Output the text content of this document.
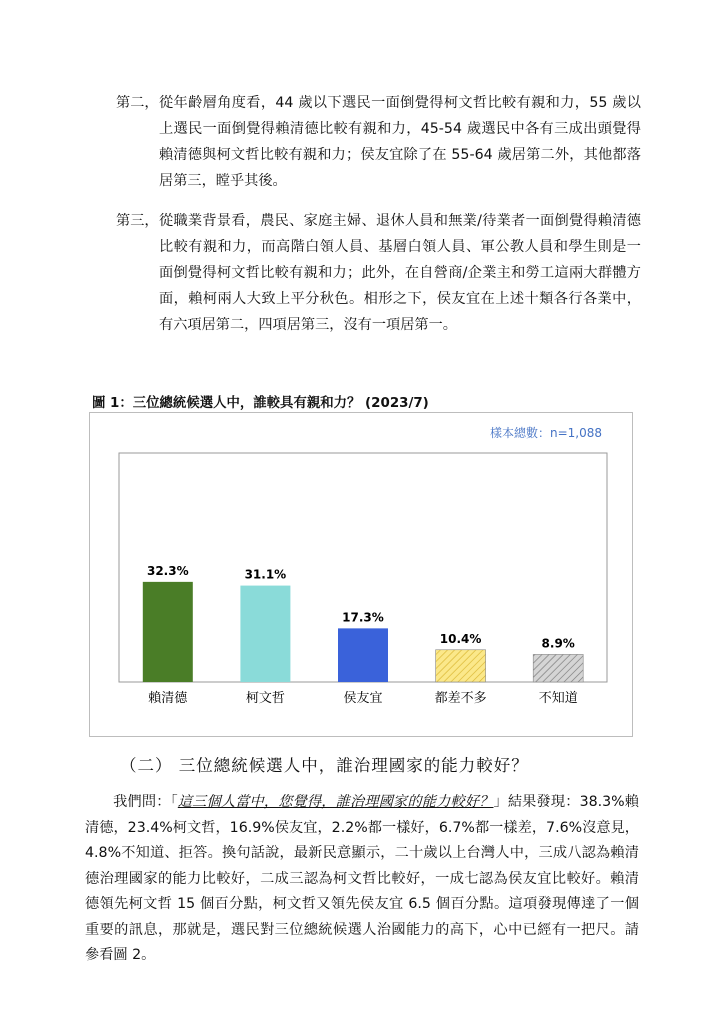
第二， 從年齡層角度看，44 歲以下選民一面倒覺得柯文哲比較有親和力，55 歲以
上選民一面倒覺得賴清德比較有親和力，45-54 歲選民中各有三成出頭覺得
賴清德與柯文哲比較有親和力；侯友宜除了在 55-64 歲居第二外，其他都落
居第三，瞠乎其後。
第三， 從職業背景看，農民、家庭主婦、退休人員和無業/待業者一面倒覺得賴清德
比較有親和力，而高階白領人員、基層白領人員、軍公教人員和學生則是一
面倒覺得柯文哲比較有親和力；此外，在自營商/企業主和勞工這兩大群體方
面，賴柯兩人大致上平分秋色。相形之下，侯友宜在上述十類各行各業中，
有六項居第二，四項居第三，沒有一項居第一。
圖 1：三位總統候選人中，誰較具有親和力？ (2023/7)
樣本總數：n=1,088
32.3%
賴清德
31.1%
柯文哲
17.3%
侯友宜
10.4%
都差不多
8.9%
不知道
（二） 三位總統候選人中，誰治理國家的能力較好？
我們問：「這三個人當中，您覺得，誰治理國家的能力較好？」結果發現：38.3%賴
清德，23.4%柯文哲，16.9%侯友宜，2.2%都一樣好，6.7%都一樣差，7.6%沒意見，
4.8%不知道、拒答。換句話說，最新民意顯示，二十歲以上台灣人中，三成八認為賴清
德治理國家的能力比較好，二成三認為柯文哲比較好，一成七認為侯友宜比較好。賴清
德領先柯文哲 15 個百分點，柯文哲又領先侯友宜 6.5 個百分點。這項發現傳達了一個
重要的訊息，那就是，選民對三位總統候選人治國能力的高下，心中已經有一把尺。請
參看圖 2。
